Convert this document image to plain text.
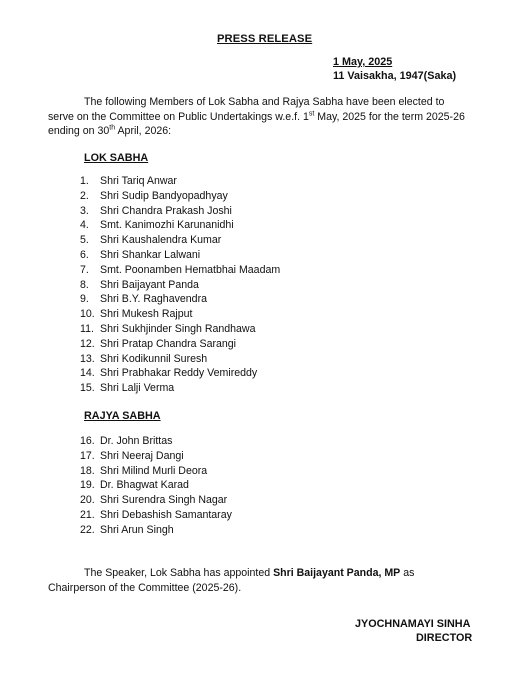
PRESS RELEASE
1 May, 2025
11 Vaisakha, 1947(Saka)
The following Members of Lok Sabha and Rajya Sabha have been elected to serve on the Committee on Public Undertakings w.e.f. 1st May, 2025 for the term 2025-26 ending on 30th April, 2026:
LOK SABHA
1. Shri Tariq Anwar
2. Shri Sudip Bandyopadhyay
3. Shri Chandra Prakash Joshi
4. Smt. Kanimozhi Karunanidhi
5. Shri Kaushalendra Kumar
6. Shri Shankar Lalwani
7. Smt. Poonamben Hematbhai Maadam
8. Shri Baijayant Panda
9. Shri B.Y. Raghavendra
10. Shri Mukesh Rajput
11. Shri Sukhjinder Singh Randhawa
12. Shri Pratap Chandra Sarangi
13. Shri Kodikunnil Suresh
14. Shri Prabhakar Reddy Vemireddy
15. Shri Lalji Verma
RAJYA SABHA
16. Dr. John Brittas
17. Shri Neeraj Dangi
18. Shri Milind Murli Deora
19. Dr. Bhagwat Karad
20. Shri Surendra Singh Nagar
21. Shri Debashish Samantaray
22. Shri Arun Singh
The Speaker, Lok Sabha has appointed Shri Baijayant Panda, MP as Chairperson of the Committee (2025-26).
JYOCHNAMAYI SINHA
DIRECTOR
